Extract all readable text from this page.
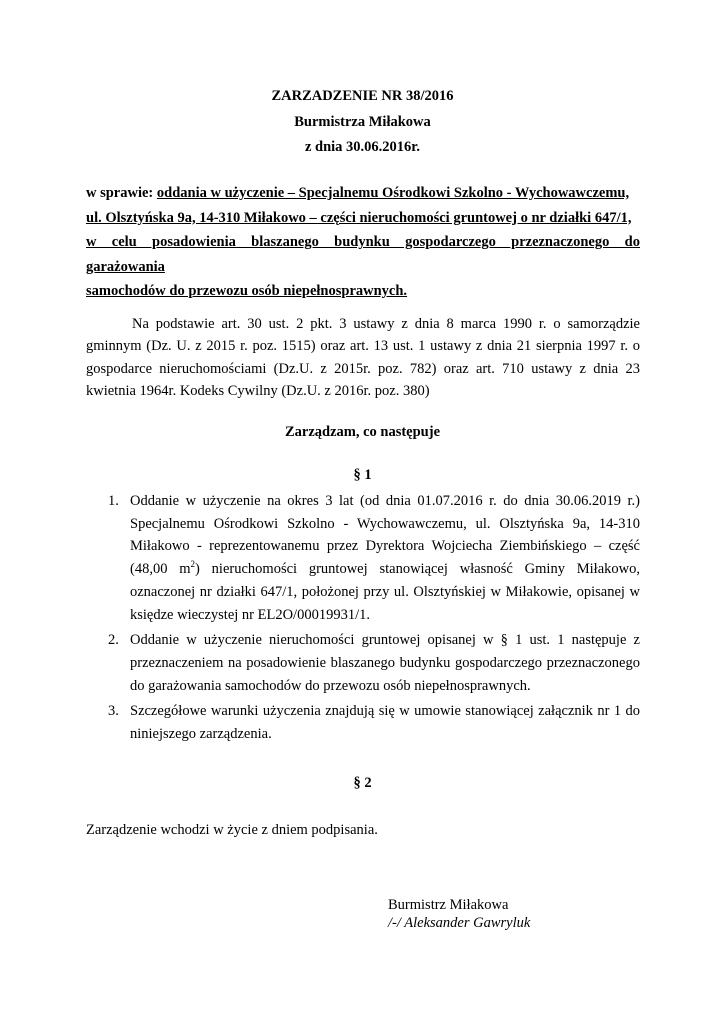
ZARZADZENIE NR 38/2016
Burmistrza Miłakowa
z dnia 30.06.2016r.
w sprawie: oddania w użyczenie – Specjalnemu Ośrodkowi Szkolno - Wychowawczemu,
ul. Olsztyńska 9a, 14-310 Miłakowo – części nieruchomości gruntowej o nr działki 647/1,
w celu posadowienia blaszanego budynku gospodarczego przeznaczonego do garażowania
samochodów do przewozu osób niepełnosprawnych.
Na podstawie art. 30 ust. 2 pkt. 3 ustawy z dnia 8 marca 1990 r. o samorządzie gminnym (Dz. U. z 2015 r. poz. 1515) oraz art. 13 ust. 1 ustawy z dnia 21 sierpnia 1997 r. o gospodarce nieruchomościami (Dz.U. z 2015r. poz. 782) oraz art. 710 ustawy z dnia 23 kwietnia 1964r. Kodeks Cywilny (Dz.U. z 2016r. poz. 380)
Zarządzam, co następuje
§ 1
1. Oddanie w użyczenie na okres 3 lat (od dnia 01.07.2016 r. do dnia 30.06.2019 r.) Specjalnemu Ośrodkowi Szkolno - Wychowawczemu, ul. Olsztyńska 9a, 14-310 Miłakowo - reprezentowanemu przez Dyrektora Wojciecha Ziembińskiego – część (48,00 $m^2$) nieruchomości gruntowej stanowiącej własność Gminy Miłakowo, oznaczonej nr działki 647/1, położonej przy ul. Olsztyńskiej w Miłakowie, opisanej w księdze wieczystej nr EL2O/00019931/1.
2. Oddanie w użyczenie nieruchomości gruntowej opisanej w § 1 ust. 1 następuje z przeznaczeniem na posadowienie blaszanego budynku gospodarczego przeznaczonego do garażowania samochodów do przewozu osób niepełnosprawnych.
3. Szczegółowe warunki użyczenia znajdują się w umowie stanowiącej załącznik nr 1 do niniejszego zarządzenia.
§ 2
Zarządzenie wchodzi w życie z dniem podpisania.
Burmistrz Miłakowa
/-/ Aleksander Gawryluk
